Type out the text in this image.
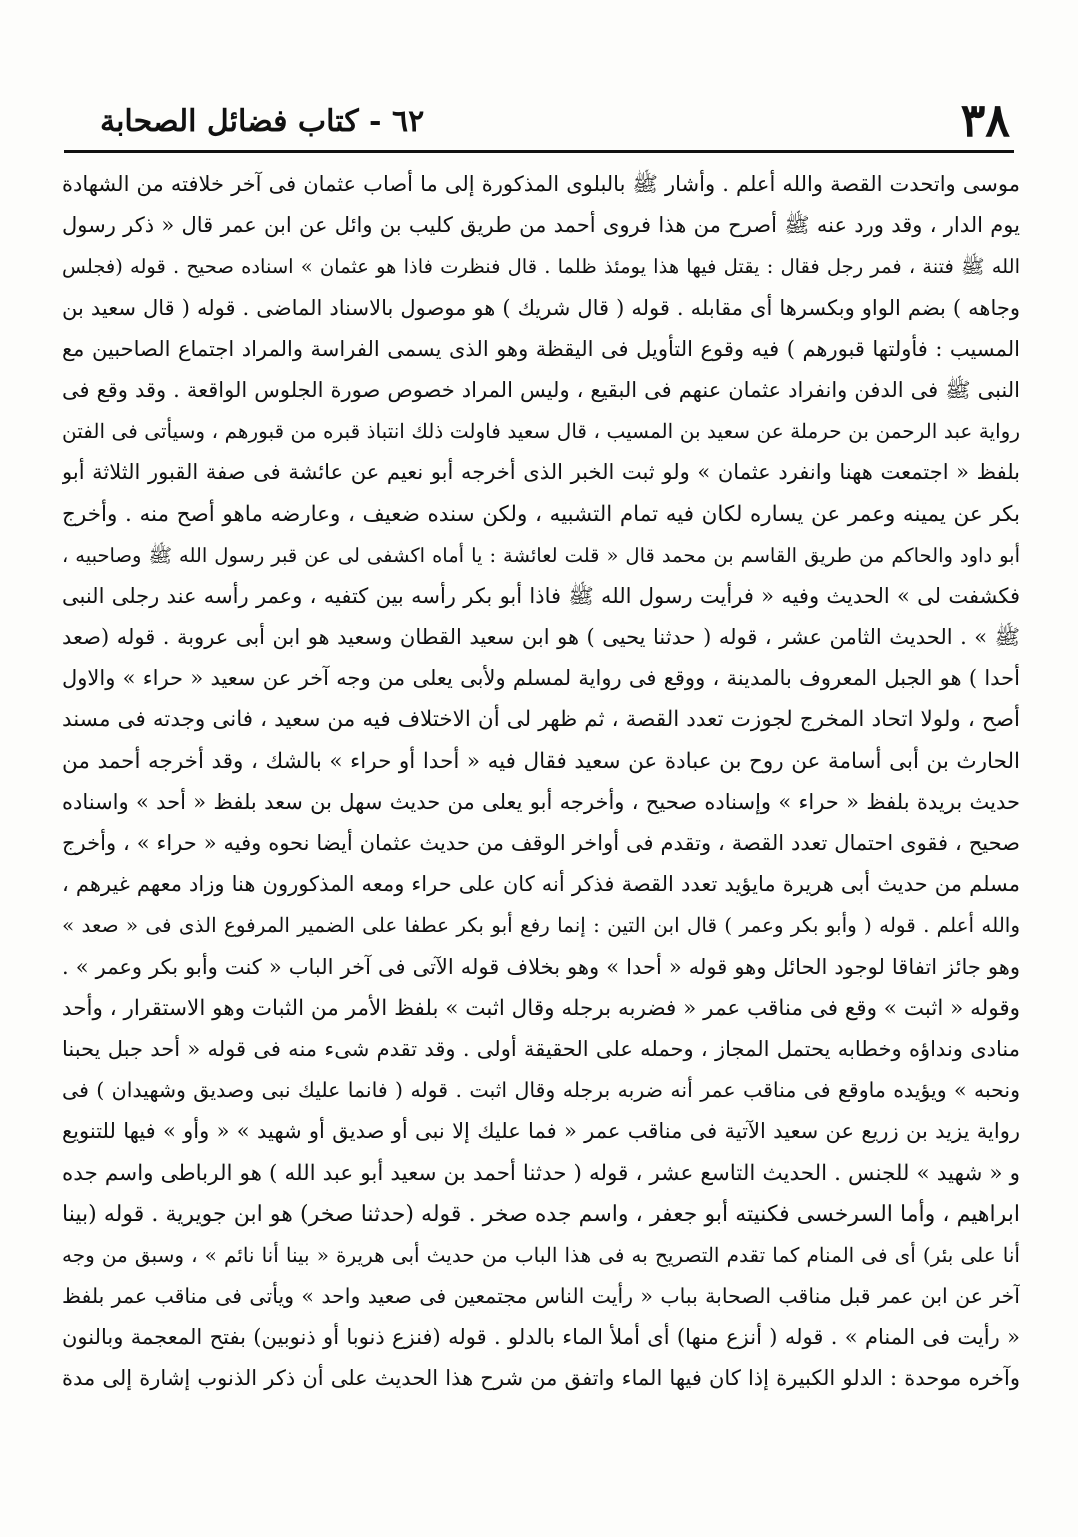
٣٨
٦٢ - كتاب فضائل الصحابة
موسى واتحدت القصة والله أعلم . وأشار ﷺ بالبلوى المذكورة إلى ما أصاب عثمان فى آخر خلافته من الشهادة
يوم الدار ، وقد ورد عنه ﷺ أصرح من هذا فروى أحمد من طريق كليب بن وائل عن ابن عمر قال « ذكر رسول
الله ﷺ فتنة ، فمر رجل فقال : يقتل فيها هذا يومئذ ظلما . قال فنظرت فاذا هو عثمان » اسناده صحيح . قوله (فجلس
وجاهه ) بضم الواو وبكسرها أى مقابله . قوله ( قال شريك ) هو موصول بالاسناد الماضى . قوله ( قال سعيد بن
المسيب : فأولتها قبورهم ) فيه وقوع التأويل فى اليقظة وهو الذى يسمى الفراسة والمراد اجتماع الصاحبين مع
النبى ﷺ فى الدفن وانفراد عثمان عنهم فى البقيع ، وليس المراد خصوص صورة الجلوس الواقعة . وقد وقع فى
رواية عبد الرحمن بن حرملة عن سعيد بن المسيب ، قال سعيد فاولت ذلك انتباذ قبره من قبورهم ، وسيأتى فى الفتن
بلفظ « اجتمعت ههنا وانفرد عثمان » ولو ثبت الخبر الذى أخرجه أبو نعيم عن عائشة فى صفة القبور الثلاثة أبو
بكر عن يمينه وعمر عن يساره لكان فيه تمام التشبيه ، ولكن سنده ضعيف ، وعارضه ماهو أصح منه . وأخرج
أبو داود والحاكم من طريق القاسم بن محمد قال « قلت لعائشة : يا أماه اكشفى لى عن قبر رسول الله ﷺ وصاحبيه ،
فكشفت لى » الحديث وفيه « فرأيت رسول الله ﷺ فاذا أبو بكر رأسه بين كتفيه ، وعمر رأسه عند رجلى النبى
ﷺ » . الحديث الثامن عشر ، قوله ( حدثنا يحيى ) هو ابن سعيد القطان وسعيد هو ابن أبى عروبة . قوله (صعد
أحدا ) هو الجبل المعروف بالمدينة ، ووقع فى رواية لمسلم ولأبى يعلى من وجه آخر عن سعيد « حراء » والاول
أصح ، ولولا اتحاد المخرج لجوزت تعدد القصة ، ثم ظهر لى أن الاختلاف فيه من سعيد ، فانى وجدته فى مسند
الحارث بن أبى أسامة عن روح بن عبادة عن سعيد فقال فيه « أحدا أو حراء » بالشك ، وقد أخرجه أحمد من
حديث بريدة بلفظ « حراء » وإسناده صحيح ، وأخرجه أبو يعلى من حديث سهل بن سعد بلفظ « أحد » واسناده
صحيح ، فقوى احتمال تعدد القصة ، وتقدم فى أواخر الوقف من حديث عثمان أيضا نحوه وفيه « حراء » ، وأخرج
مسلم من حديث أبى هريرة مايؤيد تعدد القصة فذكر أنه كان على حراء ومعه المذكورون هنا وزاد معهم غيرهم ،
والله أعلم . قوله ( وأبو بكر وعمر ) قال ابن التين : إنما رفع أبو بكر عطفا على الضمير المرفوع الذى فى « صعد »
وهو جائز اتفاقا لوجود الحائل وهو قوله « أحدا » وهو بخلاف قوله الآتى فى آخر الباب « كنت وأبو بكر وعمر » .
وقوله « اثبت » وقع فى مناقب عمر « فضربه برجله وقال اثبت » بلفظ الأمر من الثبات وهو الاستقرار ، وأحد
منادى ونداؤه وخطابه يحتمل المجاز ، وحمله على الحقيقة أولى . وقد تقدم شىء منه فى قوله « أحد جبل يحبنا
ونحبه » ويؤيده ماوقع فى مناقب عمر أنه ضربه برجله وقال اثبت . قوله ( فانما عليك نبى وصديق وشهيدان ) فى
رواية يزيد بن زريع عن سعيد الآتية فى مناقب عمر « فما عليك إلا نبى أو صديق أو شهيد » « وأو » فيها للتنويع
و « شهيد » للجنس . الحديث التاسع عشر ، قوله ( حدثنا أحمد بن سعيد أبو عبد الله ) هو الرباطى واسم جده
ابراهيم ، وأما السرخسى فكنيته أبو جعفر ، واسم جده صخر . قوله (حدثنا صخر) هو ابن جويرية . قوله (بينا
أنا على بئر) أى فى المنام كما تقدم التصريح به فى هذا الباب من حديث أبى هريرة « بينا أنا نائم » ، وسبق من وجه
آخر عن ابن عمر قبل مناقب الصحابة بباب « رأيت الناس مجتمعين فى صعيد واحد » ويأتى فى مناقب عمر بلفظ
« رأيت فى المنام » . قوله ( أنزع منها) أى أملأ الماء بالدلو . قوله (فنزع ذنوبا أو ذنوبين) بفتح المعجمة وبالنون
وآخره موحدة : الدلو الكبيرة إذا كان فيها الماء واتفق من شرح هذا الحديث على أن ذكر الذنوب إشارة إلى مدة
